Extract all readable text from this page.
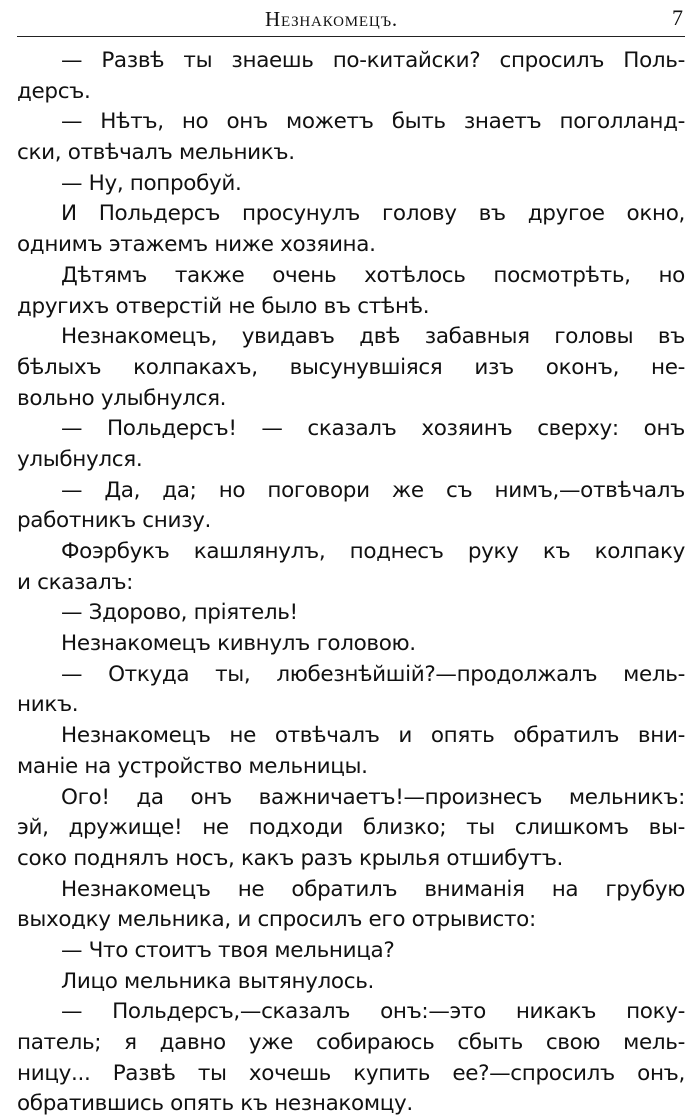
Незнакомецъ.	7
— Развѣ ты знаешь по-китайски? спросилъ Поль-
дерсъ.
— Нѣтъ, но онъ можетъ быть знаетъ поголланд-
ски, отвѣчалъ мельникъ.
— Ну, попробуй.
И Польдерсъ просунулъ голову въ другое окно,
однимъ этажемъ ниже хозяина.
Дѣтямъ также очень хотѣлось посмотрѣть, но
другихъ отверстій не было въ стѣнѣ.
Незнакомецъ, увидавъ двѣ забавныя головы въ
бѣлыхъ колпакахъ, высунувшіяся изъ оконъ, не-
вольно улыбнулся.
— Польдерсъ! — сказалъ хозяинъ сверху: онъ
улыбнулся.
— Да, да; но поговори же съ нимъ,—отвѣчалъ
работникъ снизу.
Фоэрбукъ кашлянулъ, поднесъ руку къ колпаку
и сказалъ:
— Здорово, пріятель!
Незнакомецъ кивнулъ головою.
— Откуда ты, любезнѣйшій?—продолжалъ мель-
никъ.
Незнакомецъ не отвѣчалъ и опять обратилъ вни-
маніе на устройство мельницы.
Ого! да онъ важничаетъ!—произнесъ мельникъ:
эй, дружище! не подходи близко; ты слишкомъ вы-
соко поднялъ носъ, какъ разъ крылья отшибутъ.
Незнакомецъ не обратилъ вниманія на грубую
выходку мельника, и спросилъ его отрывисто:
— Что стоитъ твоя мельница?
Лицо мельника вытянулось.
— Польдерсъ,—сказалъ онъ:—это никакъ поку-
патель; я давно уже собираюсь сбыть свою мель-
ницу... Развѣ ты хочешь купить ее?—спросилъ онъ,
обратившись опять къ незнакомцу.
